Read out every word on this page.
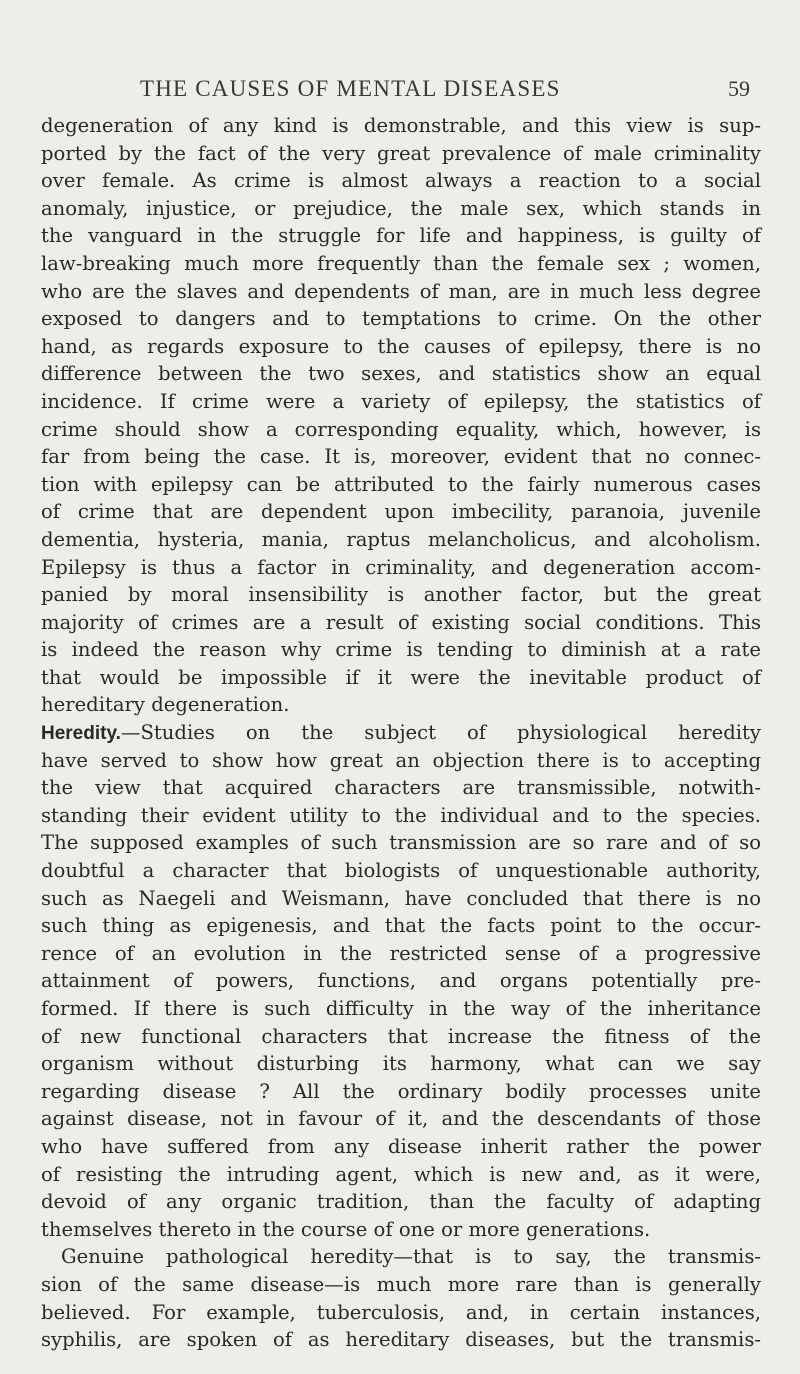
THE CAUSES OF MENTAL DISEASES	59
degeneration of any kind is demonstrable, and this view is sup-
ported by the fact of the very great prevalence of male criminality
over female. As crime is almost always a reaction to a social
anomaly, injustice, or prejudice, the male sex, which stands in
the vanguard in the struggle for life and happiness, is guilty of
law-breaking much more frequently than the female sex ; women,
who are the slaves and dependents of man, are in much less degree
exposed to dangers and to temptations to crime. On the other
hand, as regards exposure to the causes of epilepsy, there is no
difference between the two sexes, and statistics show an equal
incidence. If crime were a variety of epilepsy, the statistics of
crime should show a corresponding equality, which, however, is
far from being the case. It is, moreover, evident that no connec-
tion with epilepsy can be attributed to the fairly numerous cases
of crime that are dependent upon imbecility, paranoia, juvenile
dementia, hysteria, mania, raptus melancholicus, and alcoholism.
Epilepsy is thus a factor in criminality, and degeneration accom-
panied by moral insensibility is another factor, but the great
majority of crimes are a result of existing social conditions. This
is indeed the reason why crime is tending to diminish at a rate
that would be impossible if it were the inevitable product of
hereditary degeneration.
Heredity.—Studies on the subject of physiological heredity
have served to show how great an objection there is to accepting
the view that acquired characters are transmissible, notwith-
standing their evident utility to the individual and to the species.
The supposed examples of such transmission are so rare and of so
doubtful a character that biologists of unquestionable authority,
such as Naegeli and Weismann, have concluded that there is no
such thing as epigenesis, and that the facts point to the occur-
rence of an evolution in the restricted sense of a progressive
attainment of powers, functions, and organs potentially pre-
formed. If there is such difficulty in the way of the inheritance
of new functional characters that increase the fitness of the
organism without disturbing its harmony, what can we say
regarding disease ? All the ordinary bodily processes unite
against disease, not in favour of it, and the descendants of those
who have suffered from any disease inherit rather the power
of resisting the intruding agent, which is new and, as it were,
devoid of any organic tradition, than the faculty of adapting
themselves thereto in the course of one or more generations.
Genuine pathological heredity—that is to say, the transmis-
sion of the same disease—is much more rare than is generally
believed. For example, tuberculosis, and, in certain instances,
syphilis, are spoken of as hereditary diseases, but the transmis-
